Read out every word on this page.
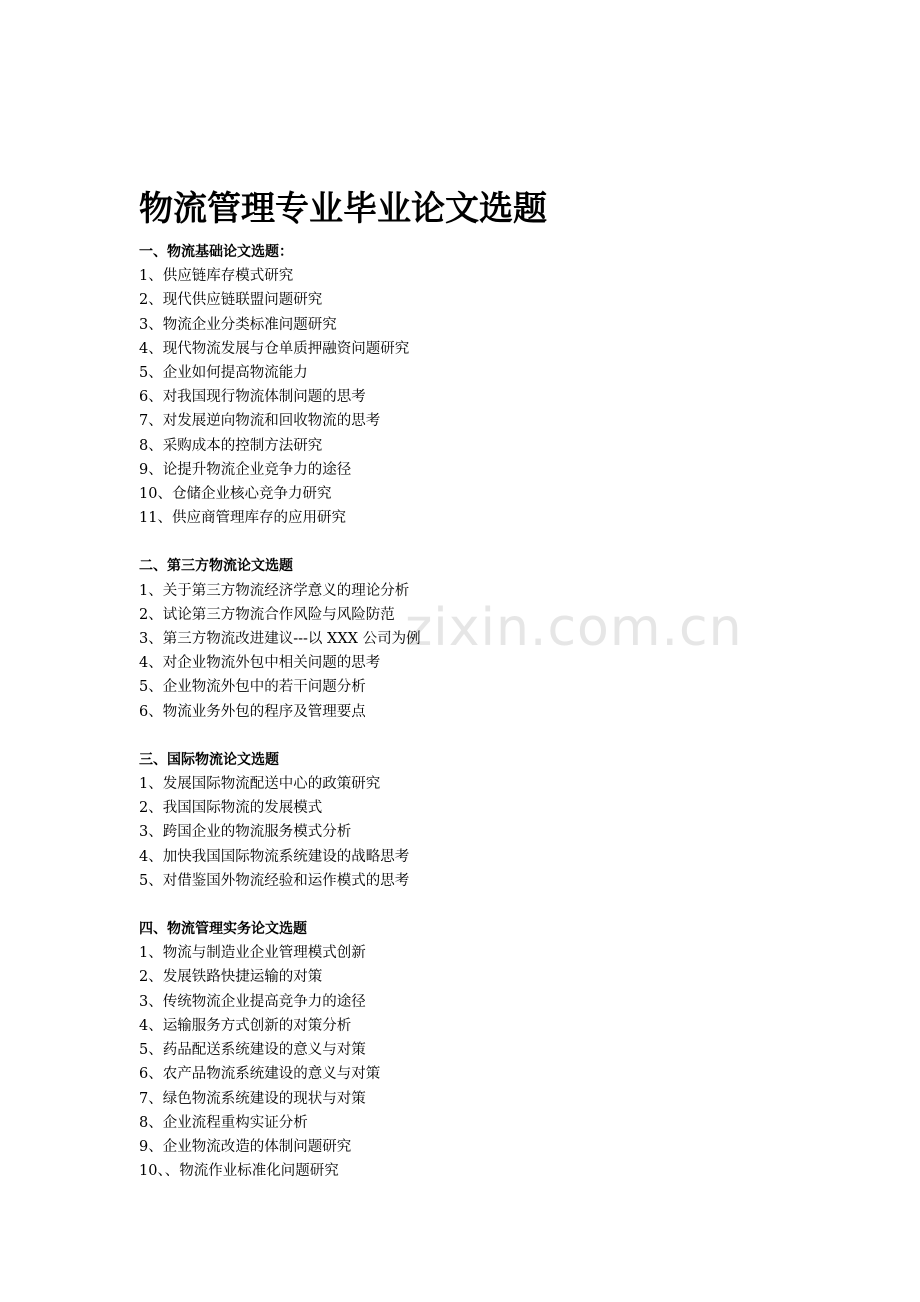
zixin.com.cn
物流管理专业毕业论文选题
一、物流基础论文选题：
1、供应链库存模式研究
2、现代供应链联盟问题研究
3、物流企业分类标准问题研究
4、现代物流发展与仓单质押融资问题研究
5、企业如何提高物流能力
6、对我国现行物流体制问题的思考
7、对发展逆向物流和回收物流的思考
8、采购成本的控制方法研究
9、论提升物流企业竞争力的途径
10、仓储企业核心竞争力研究
11、供应商管理库存的应用研究
二、第三方物流论文选题
1、关于第三方物流经济学意义的理论分析
2、试论第三方物流合作风险与风险防范
3、第三方物流改进建议---以 XXX 公司为例
4、对企业物流外包中相关问题的思考
5、企业物流外包中的若干问题分析
6、物流业务外包的程序及管理要点
三、国际物流论文选题
1、发展国际物流配送中心的政策研究
2、我国国际物流的发展模式
3、跨国企业的物流服务模式分析
4、加快我国国际物流系统建设的战略思考
5、对借鉴国外物流经验和运作模式的思考
四、物流管理实务论文选题
1、物流与制造业企业管理模式创新
2、发展铁路快捷运输的对策
3、传统物流企业提高竞争力的途径
4、运输服务方式创新的对策分析
5、药品配送系统建设的意义与对策
6、农产品物流系统建设的意义与对策
7、绿色物流系统建设的现状与对策
8、企业流程重构实证分析
9、企业物流改造的体制问题研究
10、、物流作业标准化问题研究
